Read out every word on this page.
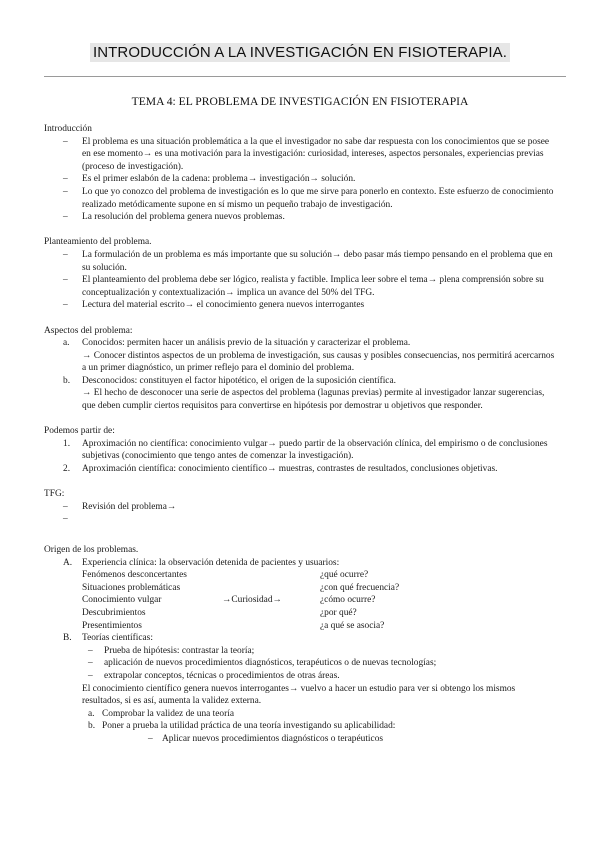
INTRODUCCIÓN A LA INVESTIGACIÓN EN FISIOTERAPIA.
TEMA 4: EL PROBLEMA DE INVESTIGACIÓN EN FISIOTERAPIA
Introducción
– El problema es una situación problemática a la que el investigador no sabe dar respuesta con los conocimientos que se posee en ese momento→ es una motivación para la investigación: curiosidad, intereses, aspectos personales, experiencias previas (proceso de investigación).
– Es el primer eslabón de la cadena: problema→ investigación→ solución.
– Lo que yo conozco del problema de investigación es lo que me sirve para ponerlo en contexto. Este esfuerzo de conocimiento realizado metódicamente supone en sí mismo un pequeño trabajo de investigación.
– La resolución del problema genera nuevos problemas.
Planteamiento del problema.
– La formulación de un problema es más importante que su solución→ debo pasar más tiempo pensando en el problema que en su solución.
– El planteamiento del problema debe ser lógico, realista y factible. Implica leer sobre el tema→ plena comprensión sobre su conceptualización y contextualización→ implica un avance del 50% del TFG.
– Lectura del material escrito→ el conocimiento genera nuevos interrogantes
Aspectos del problema:
a. Conocidos: permiten hacer un análisis previo de la situación y caracterizar el problema.
→ Conocer distintos aspectos de un problema de investigación, sus causas y posibles consecuencias, nos permitirá acercarnos a un primer diagnóstico, un primer reflejo para el dominio del problema.
b. Desconocidos: constituyen el factor hipotético, el origen de la suposición científica.
→ El hecho de desconocer una serie de aspectos del problema (lagunas previas) permite al investigador lanzar sugerencias, que deben cumplir ciertos requisitos para convertirse en hipótesis por demostrar u objetivos que responder.
Podemos partir de:
1. Aproximación no científica: conocimiento vulgar→ puedo partir de la observación clínica, del empirismo o de conclusiones subjetivas (conocimiento que tengo antes de comenzar la investigación).
2. Aproximación científica: conocimiento científico→ muestras, contrastes de resultados, conclusiones objetivas.
TFG:
– Revisión del problema→
–

Origen de los problemas.
A. Experiencia clínica: la observación detenida de pacientes y usuarios:
Fenómenos desconcertantes	¿qué ocurre?
Situaciones problemáticas	¿con qué frecuencia?
Conocimiento vulgar	→Curiosidad→	¿cómo ocurre?
Descubrimientos	¿por qué?
Presentimientos	¿a qué se asocia?
B. Teorías científicas:
– Prueba de hipótesis: contrastar la teoría;
– aplicación de nuevos procedimientos diagnósticos, terapéuticos o de nuevas tecnologías;
– extrapolar conceptos, técnicas o procedimientos de otras áreas.
El conocimiento científico genera nuevos interrogantes→ vuelvo a hacer un estudio para ver si obtengo los mismos resultados, si es así, aumenta la validez externa.
a. Comprobar la validez de una teoría
b. Poner a prueba la utilidad práctica de una teoría investigando su aplicabilidad:
– Aplicar nuevos procedimientos diagnósticos o terapéuticos
